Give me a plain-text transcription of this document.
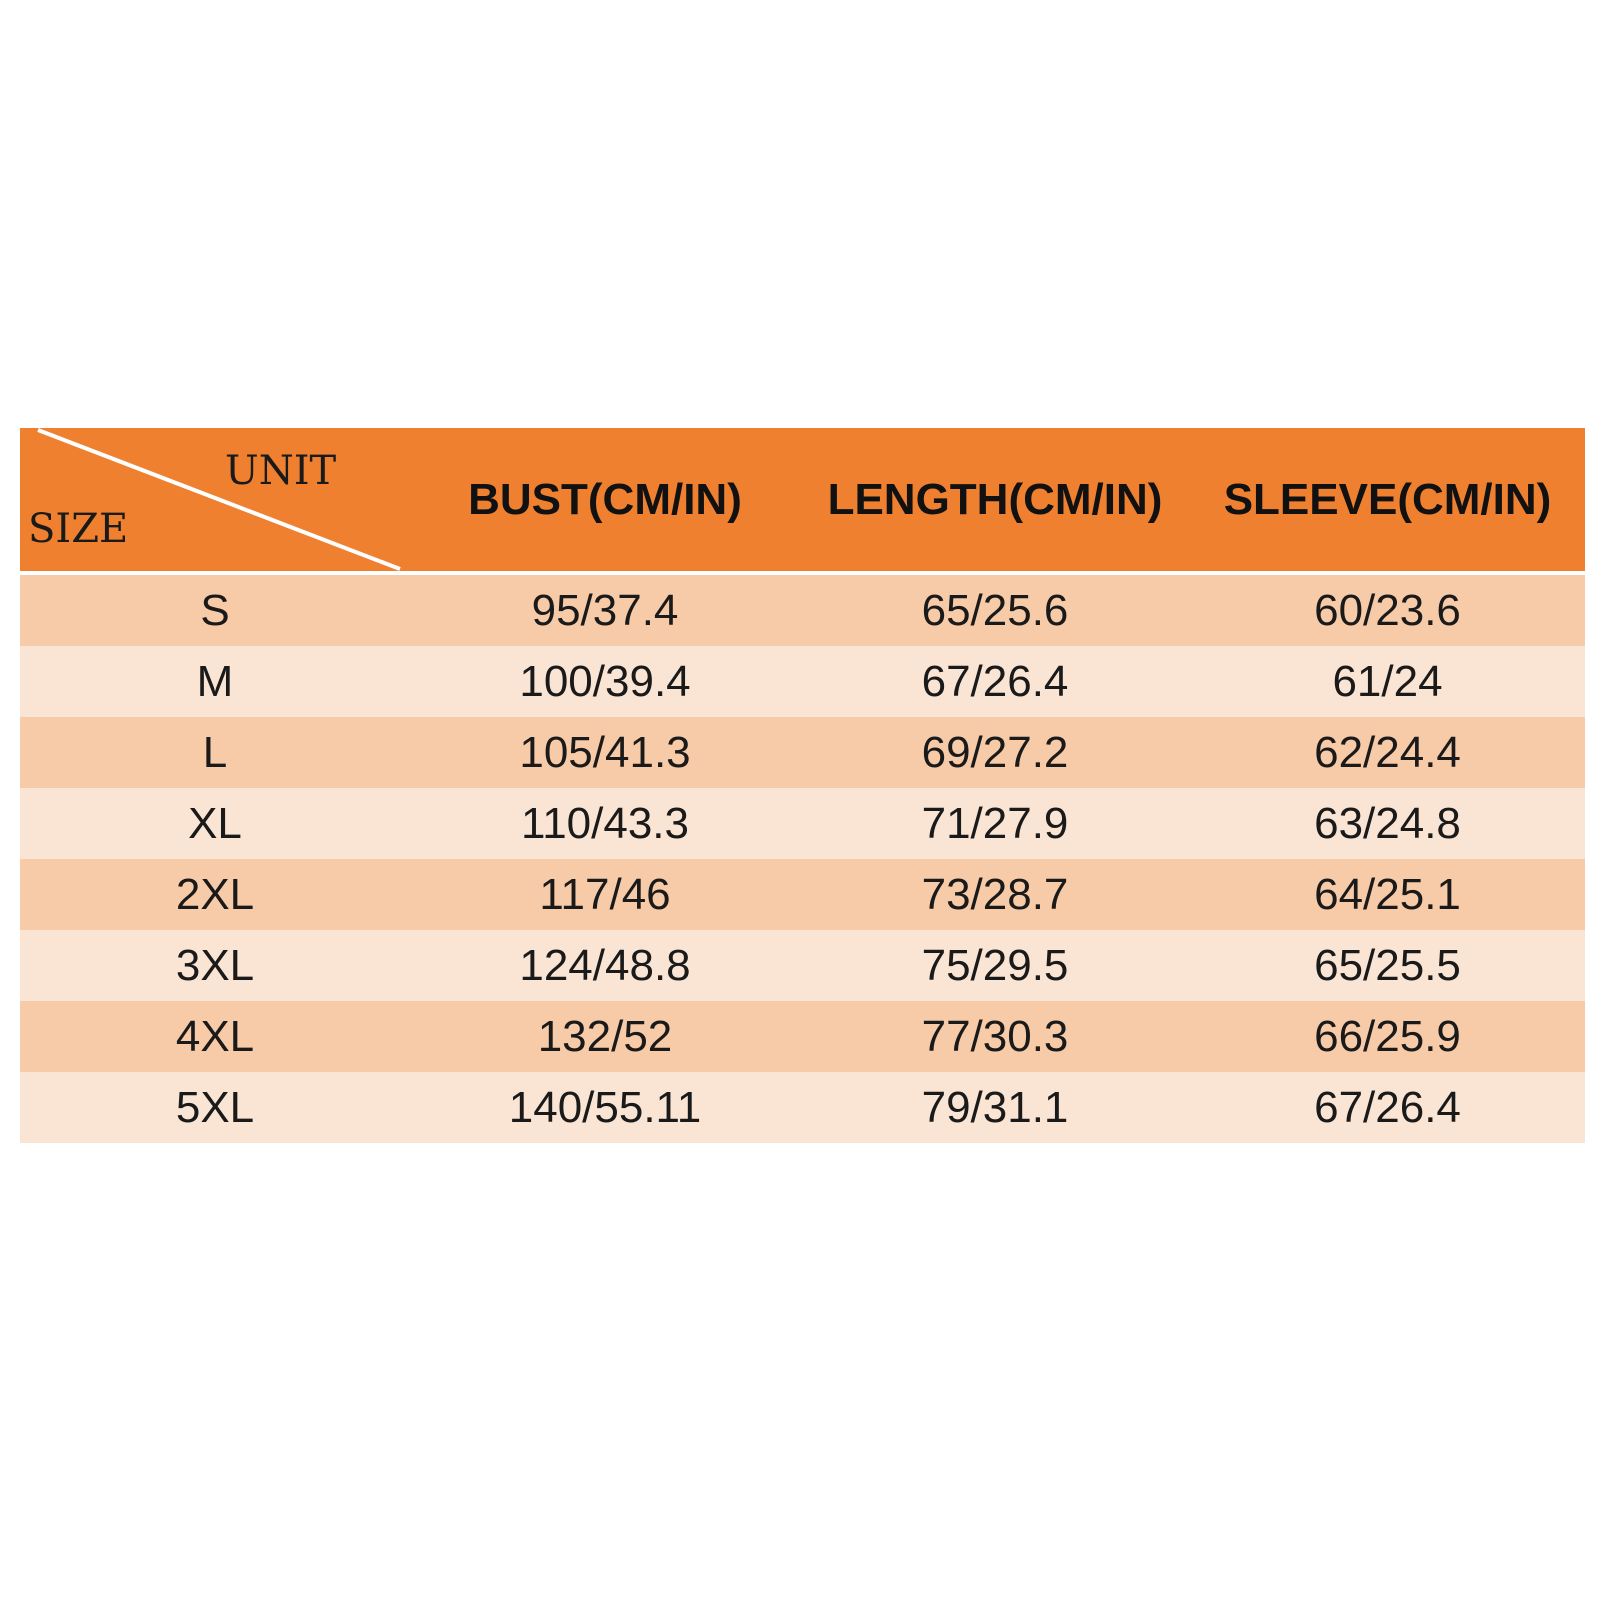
UNIT
SIZE
BUST(CM/IN)	LENGTH(CM/IN)	SLEEVE(CM/IN)
S	95/37.4	65/25.6	60/23.6
M	100/39.4	67/26.4	61/24
L	105/41.3	69/27.2	62/24.4
XL	110/43.3	71/27.9	63/24.8
2XL	117/46	73/28.7	64/25.1
3XL	124/48.8	75/29.5	65/25.5
4XL	132/52	77/30.3	66/25.9
5XL	140/55.11	79/31.1	67/26.4
